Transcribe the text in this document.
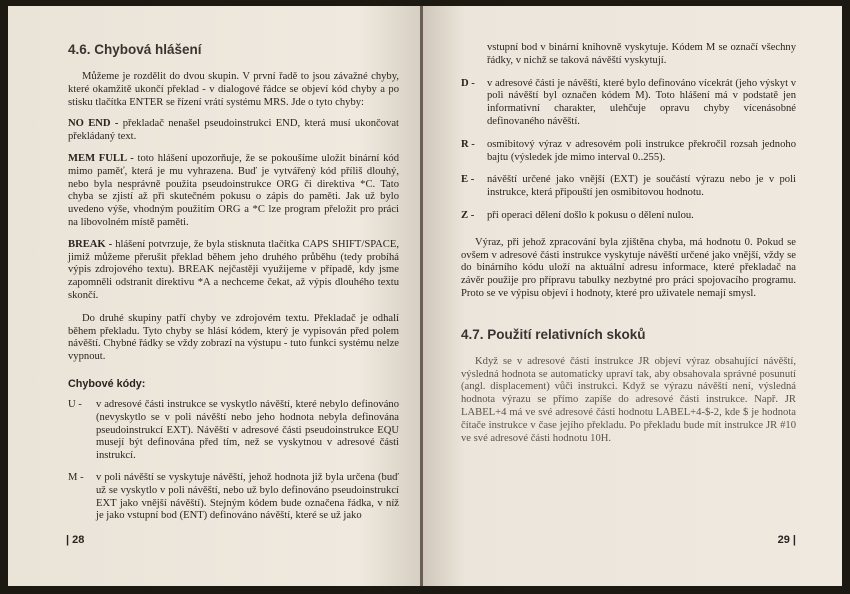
4.6. Chybová hlášení

Můžeme je rozdělit do dvou skupin. V první řadě to jsou závažné chyby, které okamžitě ukončí překlad - v dialogové řádce se objeví kód chyby a po stisku tlačítka ENTER se řízení vrátí systému MRS. Jde o tyto chyby:

NO END - překladač nenašel pseudoinstrukci END, která musí ukončovat překládaný text.
MEM FULL - toto hlášení upozorňuje, že se pokoušíme uložit binární kód mimo paměť, která je mu vyhrazena. Buď je vytvářený kód příliš dlouhý, nebo byla nesprávně použita pseudoinstrukce ORG či direktiva *C. Tato chyba se zjistí až při skutečném pokusu o zápis do paměti. Jak už bylo uvedeno výše, vhodným použitím ORG a *C lze program přeložit pro práci na libovolném místě paměti.
BREAK - hlášení potvrzuje, že byla stisknuta tlačítka CAPS SHIFT/SPACE, jimiž můžeme přerušit překlad během jeho druhého průběhu (tedy probíhá výpis zdrojového textu). BREAK nejčastěji využijeme v případě, kdy jsme zapomněli odstranit direktivu *A a nechceme čekat, až výpis dlouhého textu skončí.

Do druhé skupiny patří chyby ve zdrojovém textu. Překladač je odhalí během překladu. Tyto chyby se hlásí kódem, který je vypisován před polem návěští. Chybné řádky se vždy zobrazí na výstupu - tuto funkci systému nelze vypnout.

Chybové kódy:
U -	v adresové části instrukce se vyskytlo návěští, které nebylo definováno (nevyskytlo se v poli návěští nebo jeho hodnota nebyla definována pseudoinstrukcí EXT). Návěští v adresové části pseudoinstrukce EQU musejí být definována před tím, než se vyskytnou v adresové části instrukcí.
M -	v poli návěští se vyskytuje návěští, jehož hodnota již byla určena (buď už se vyskytlo v poli návěští, nebo už bylo definováno pseudoinstrukcí EXT jako vnější návěští). Stejným kódem bude označena řádka, v níž je jako vstupní bod (ENT) definováno návěští, které se už jako
| 28

vstupní bod v binární knihovně vyskytuje. Kódem M se označí všechny řádky, v nichž se taková návěští vyskytují.

D -	v adresové části je návěští, které bylo definováno vícekrát (jeho výskyt v poli návěští byl označen kódem M). Toto hlášení má v podstatě jen informativní charakter, ulehčuje opravu chyby vícenásobné definovaného návěští.
R -	osmibitový výraz v adresovém poli instrukce překročil rozsah jednoho bajtu (výsledek jde mimo interval 0..255).
E -	návěští určené jako vnější (EXT) je součástí výrazu nebo je v poli instrukce, která připouští jen osmibitovou hodnotu.
Z -	při operaci dělení došlo k pokusu o dělení nulou.

Výraz, při jehož zpracování byla zjištěna chyba, má hodnotu 0. Pokud se ovšem v adresové části instrukce vyskytuje návěští určené jako vnější, vždy se do binárního kódu uloží na aktuální adresu informace, které překladač na závěr použije pro přípravu tabulky nezbytné pro práci spojovacího programu. Proto se ve výpisu objeví i hodnoty, které pro uživatele nemají smysl.

4.7. Použití relativních skoků

Když se v adresové části instrukce JR objeví výraz obsahující návěští, výsledná hodnota se automaticky upraví tak, aby obsahovala správné posunutí (angl. displacement) vůči instrukci. Když se výrazu návěští není, výsledná hodnota výrazu se přímo zapíše do adresové části instrukce. Např. JR LABEL+4 má ve své adresové části hodnotu LABEL+4-$-2, kde $ je hodnota čítače instrukce v čase jejího překladu. Po překladu bude mít instrukce JR #10 ve své adresové části hodnotu 10H.

29 |
